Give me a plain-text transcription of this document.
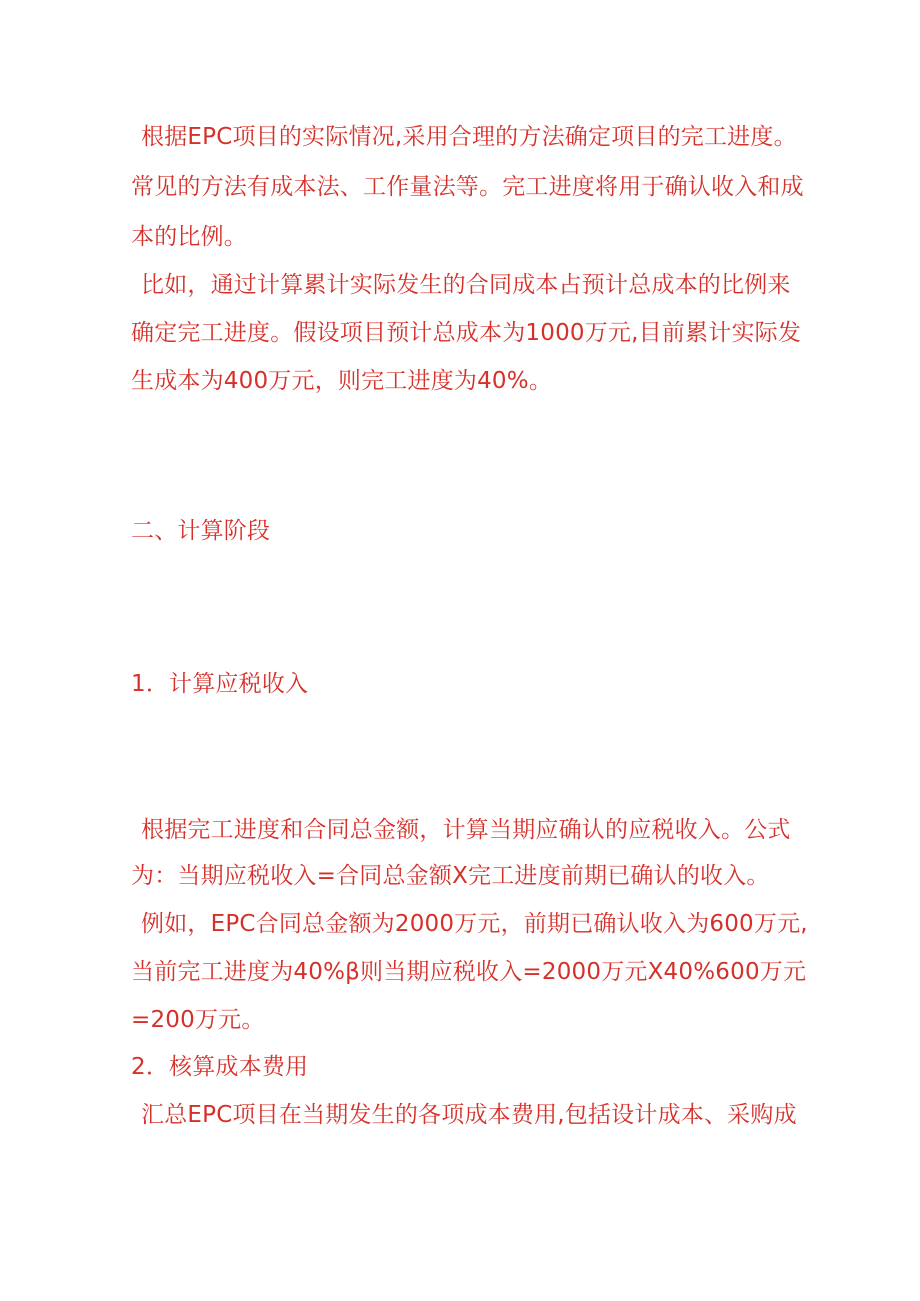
根据EPC项目的实际情况,采用合理的方法确定项目的完工进度。
常见的方法有成本法、工作量法等。完工进度将用于确认收入和成
本的比例。
比如，通过计算累计实际发生的合同成本占预计总成本的比例来
确定完工进度。假设项目预计总成本为1000万元,目前累计实际发
生成本为400万元，则完工进度为40%。
二、计算阶段
1．计算应税收入
根据完工进度和合同总金额，计算当期应确认的应税收入。公式
为：当期应税收入=合同总金额X完工进度前期已确认的收入。
例如，EPC合同总金额为2000万元，前期已确认收入为600万元,
当前完工进度为40%β则当期应税收入=2000万元X40%600万元
=200万元。
2．核算成本费用
汇总EPC项目在当期发生的各项成本费用,包括设计成本、采购成
